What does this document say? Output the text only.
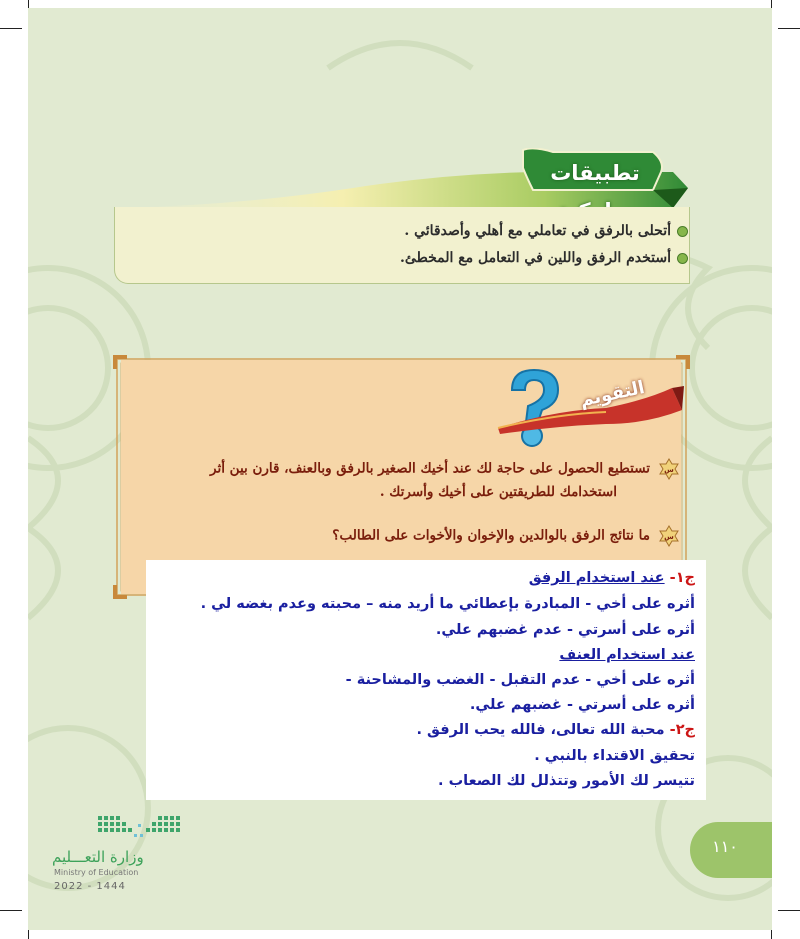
تطبيقات
أتحلى بالرفق في تعاملي مع أهلي وأصدقائي .
أستخدم الرفق واللين في التعامل مع المخطئ.
التقويم
س
تستطيع الحصول على حاجة لك عند أخيك الصغير بالرفق وبالعنف، قارن بين أثر
استخدامك للطريقتين على أخيك وأسرتك .
س
ما نتائج الرفق بالوالدين والإخوان والأخوات على الطالب؟
ج١- عند استخدام الرفق
أثره على أخي - المبادرة بإعطائي ما أريد منه – محبته وعدم بغضه لي .
أثره على أسرتي - عدم غضبهم علي.
عند استخدام العنف
أثره على أخي - عدم التقبل - الغضب والمشاحنة -
أثره على أسرتي - غضبهم علي.
ج٢- محبة الله تعالى، فالله يحب الرفق .
تحقيق الاقتداء بالنبي .
تتيسر لك الأمور وتتذلل لك الصعاب .
١١٠
وزارة التعـــليم
Ministry of Education
2022 - 1444
